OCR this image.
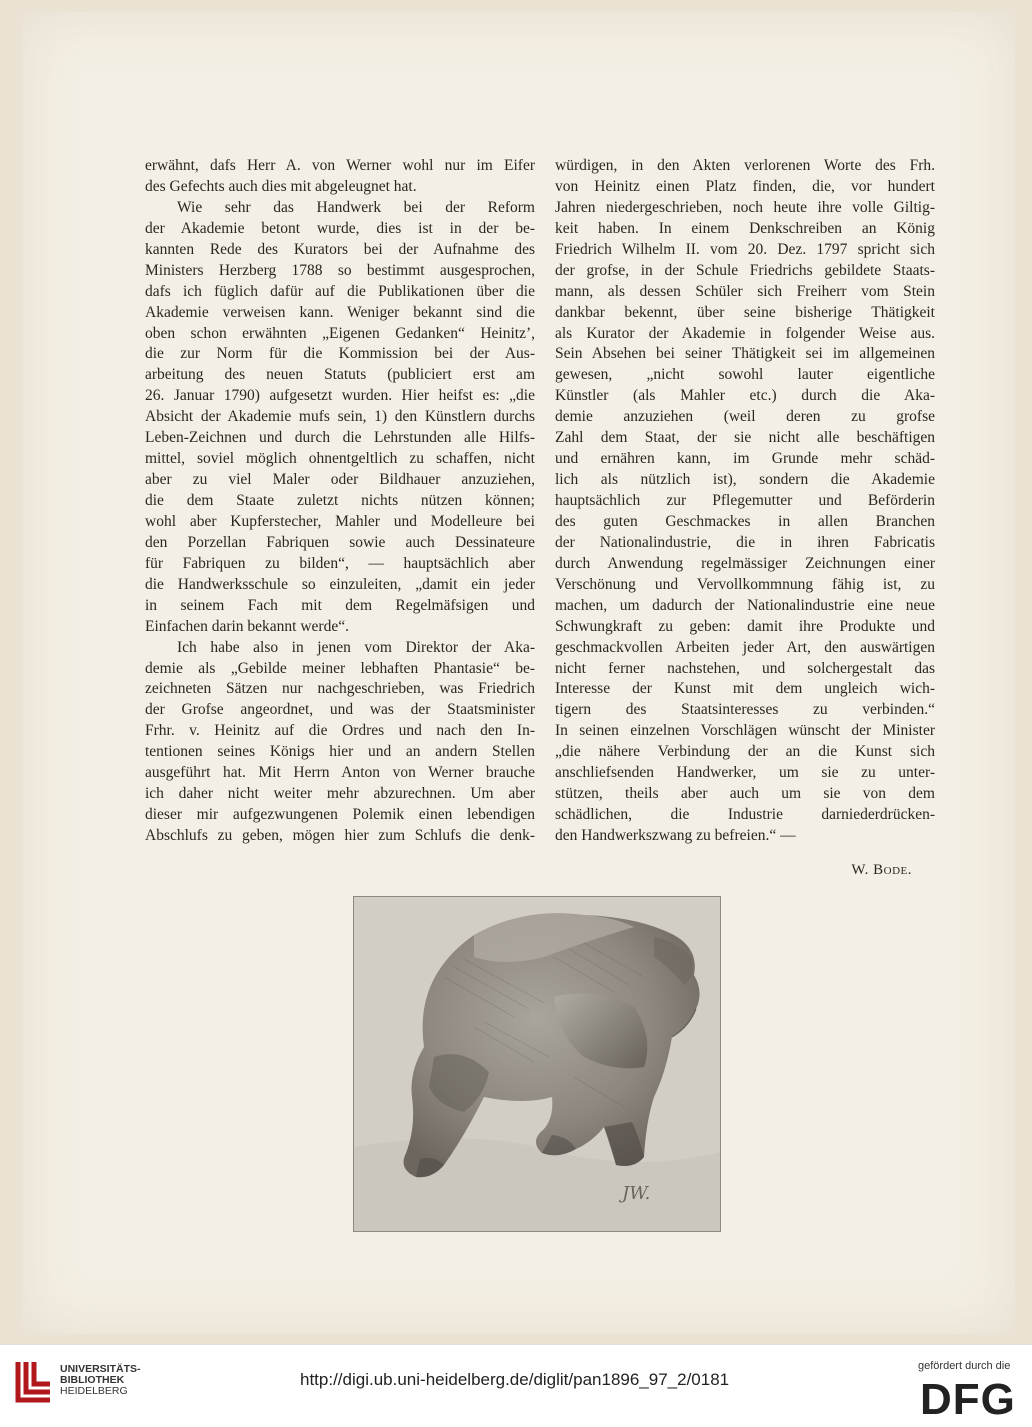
erwähnt, dafs Herr A. von Werner wohl nur im Eifer
des Gefechts auch dies mit abgeleugnet hat.
Wie sehr das Handwerk bei der Reform
der Akademie betont wurde, dies ist in der be-
kannten Rede des Kurators bei der Aufnahme des
Ministers Herzberg 1788 so bestimmt ausgesprochen,
dafs ich füglich dafür auf die Publikationen über die
Akademie verweisen kann. Weniger bekannt sind die
oben schon erwähnten „Eigenen Gedanken“ Heinitz’,
die zur Norm für die Kommission bei der Aus-
arbeitung des neuen Statuts (publiciert erst am
26. Januar 1790) aufgesetzt wurden. Hier heifst es: „die
Absicht der Akademie mufs sein, 1) den Künstlern durchs
Leben-Zeichnen und durch die Lehrstunden alle Hilfs-
mittel, soviel möglich ohnentgeltlich zu schaffen, nicht
aber zu viel Maler oder Bildhauer anzuziehen,
die dem Staate zuletzt nichts nützen können;
wohl aber Kupferstecher, Mahler und Modelleure bei
den Porzellan Fabriquen sowie auch Dessinateure
für Fabriquen zu bilden“, — hauptsächlich aber
die Handwerksschule so einzuleiten, „damit ein jeder
in seinem Fach mit dem Regelmäfsigen und
Einfachen darin bekannt werde“.
Ich habe also in jenen vom Direktor der Aka-
demie als „Gebilde meiner lebhaften Phantasie“ be-
zeichneten Sätzen nur nachgeschrieben, was Friedrich
der Grofse angeordnet, und was der Staatsminister
Frhr. v. Heinitz auf die Ordres und nach den In-
tentionen seines Königs hier und an andern Stellen
ausgeführt hat. Mit Herrn Anton von Werner brauche
ich daher nicht weiter mehr abzurechnen. Um aber
dieser mir aufgezwungenen Polemik einen lebendigen
Abschlufs zu geben, mögen hier zum Schlufs die denk-
würdigen, in den Akten verlorenen Worte des Frh.
von Heinitz einen Platz finden, die, vor hundert
Jahren niedergeschrieben, noch heute ihre volle Giltig-
keit haben. In einem Denkschreiben an König
Friedrich Wilhelm II. vom 20. Dez. 1797 spricht sich
der grofse, in der Schule Friedrichs gebildete Staats-
mann, als dessen Schüler sich Freiherr vom Stein
dankbar bekennt, über seine bisherige Thätigkeit
als Kurator der Akademie in folgender Weise aus.
Sein Absehen bei seiner Thätigkeit sei im allgemeinen
gewesen, „nicht sowohl lauter eigentliche
Künstler (als Mahler etc.) durch die Aka-
demie anzuziehen (weil deren zu grofse
Zahl dem Staat, der sie nicht alle beschäftigen
und ernähren kann, im Grunde mehr schäd-
lich als nützlich ist), sondern die Akademie
hauptsächlich zur Pflegemutter und Beförderin
des guten Geschmackes in allen Branchen
der Nationalindustrie, die in ihren Fabricatis
durch Anwendung regelmässiger Zeichnungen einer
Verschönung und Vervollkommnung fähig ist, zu
machen, um dadurch der Nationalindustrie eine neue
Schwungkraft zu geben: damit ihre Produkte und
geschmackvollen Arbeiten jeder Art, den auswärtigen
nicht ferner nachstehen, und solchergestalt das
Interesse der Kunst mit dem ungleich wich-
tigern des Staatsinteresses zu verbinden.“
In seinen einzelnen Vorschlägen wünscht der Minister
„die nähere Verbindung der an die Kunst sich
anschliefsenden Handwerker, um sie zu unter-
stützen, theils aber auch um sie von dem
schädlichen, die Industrie darniederdrücken-
den Handwerkszwang zu befreien.“ —
W. Bode.
JW.
UNIVERSITÄTS-
BIBLIOTHEK
HEIDELBERG
http://digi.ub.uni-heidelberg.de/diglit/pan1896_97_2/0181
gefördert durch die
DFG
